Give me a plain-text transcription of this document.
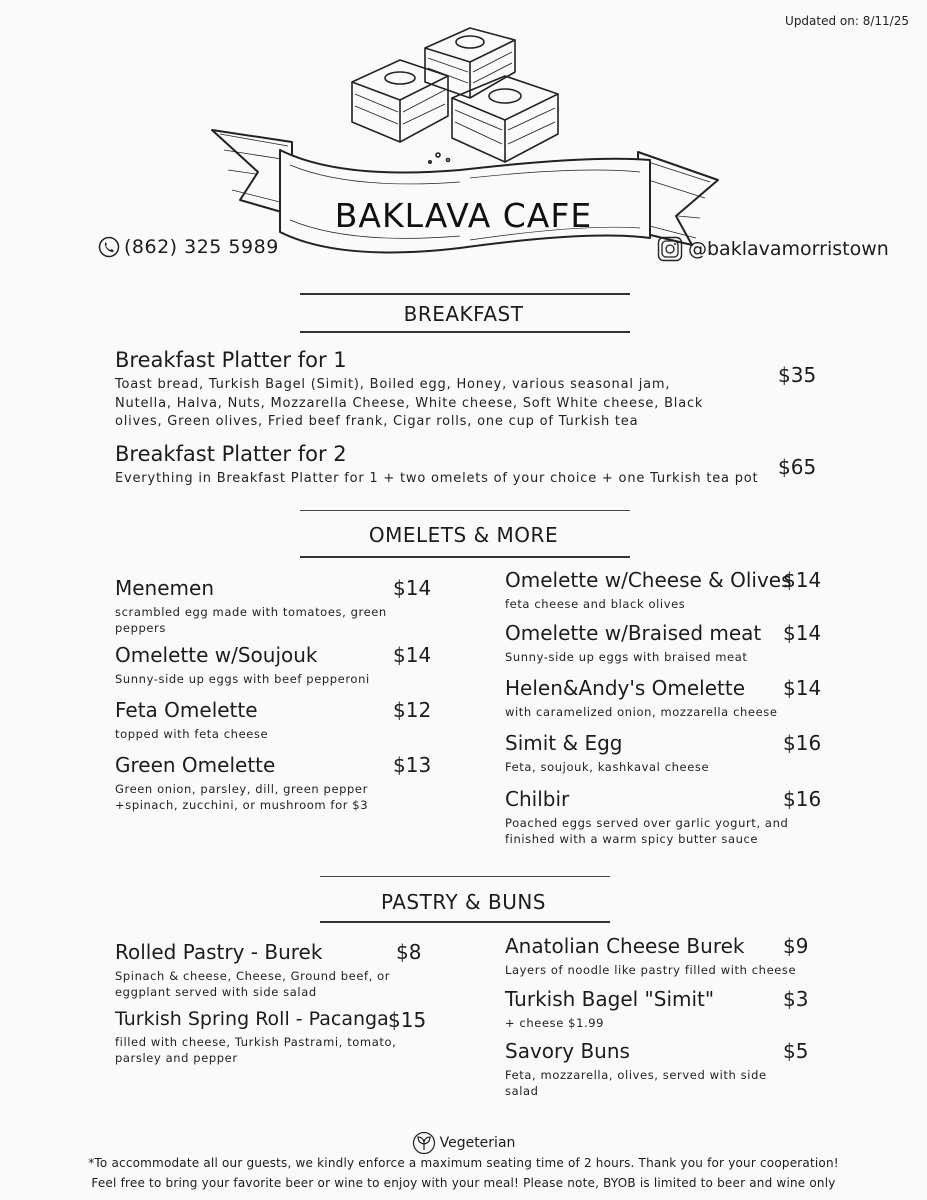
Updated on: 8/11/25
BAKLAVA CAFE
(862) 325 5989	@baklavamorristown
BREAKFAST
Breakfast Platter for 1
Toast bread, Turkish Bagel (Simit), Boiled egg, Honey, various seasonal jam,
Nutella, Halva, Nuts, Mozzarella Cheese, White cheese, Soft White cheese, Black
olives, Green olives, Fried beef frank, Cigar rolls, one cup of Turkish tea
$35
Breakfast Platter for 2
Everything in Breakfast Platter for 1 + two omelets of your choice + one Turkish tea pot $65
OMELETS & MORE
Menemen
scrambled egg made with tomatoes, green
peppers
$14
Omelette w/Soujouk
Sunny-side up eggs with beef pepperoni
$14
Feta Omelette
topped with feta cheese
$12
Green Omelette
Green onion, parsley, dill, green pepper
+spinach, zucchini, or mushroom for $3
$13
Omelette w/Cheese & Olives
feta cheese and black olives
$14
Omelette w/Braised meat
Sunny-side up eggs with braised meat
$14
Helen&Andy's Omelette
with caramelized onion, mozzarella cheese
$14
Simit & Egg
Feta, soujouk, kashkaval cheese
$16
Chilbir
Poached eggs served over garlic yogurt, and
finished with a warm spicy butter sauce
$16
PASTRY & BUNS
Rolled Pastry - Burek
Spinach & cheese, Cheese, Ground beef, or
eggplant served with side salad
$8
Turkish Spring Roll - Pacanga
filled with cheese, Turkish Pastrami, tomato,
parsley and pepper
$15
Anatolian Cheese Burek
Layers of noodle like pastry filled with cheese
$9
Turkish Bagel "Simit"
+ cheese $1.99
$3
Savory Buns
Feta, mozzarella, olives, served with side
salad
$5
Vegeterian
*To accommodate all our guests, we kindly enforce a maximum seating time of 2 hours. Thank you for your cooperation!
Feel free to bring your favorite beer or wine to enjoy with your meal! Please note, BYOB is limited to beer and wine only
